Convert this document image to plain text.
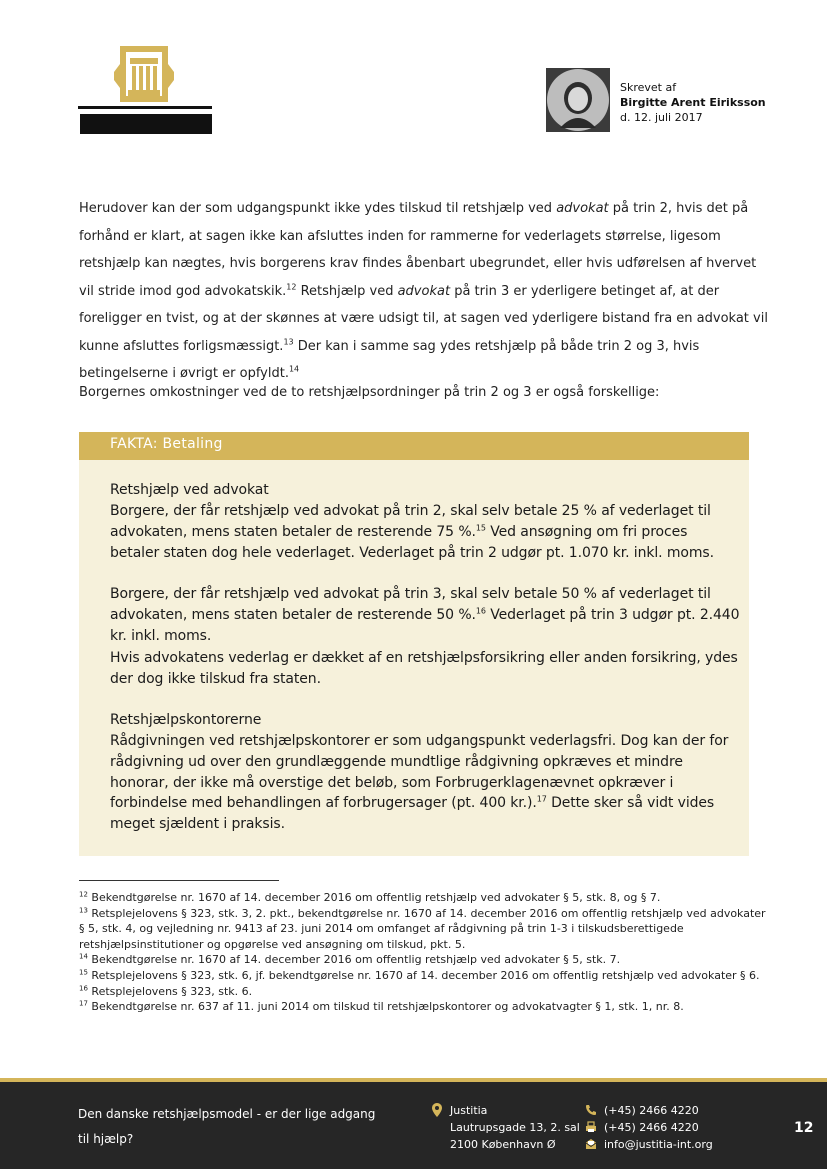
Skrevet af
Birgitte Arent Eiriksson
d. 12. juli 2017
Herudover kan der som udgangspunkt ikke ydes tilskud til retshjælp ved advokat på trin 2, hvis det på forhånd er klart, at sagen ikke kan afsluttes inden for rammerne for vederlagets størrelse, ligesom retshjælp kan nægtes, hvis borgerens krav findes åbenbart ubegrundet, eller hvis udførelsen af hvervet vil stride imod god advokatskik.$^{12}$ Retshjælp ved advokat på trin 3 er yderligere betinget af, at der foreligger en tvist, og at der skønnes at være udsigt til, at sagen ved yderligere bistand fra en advokat vil kunne afsluttes forligsmæssigt.$^{13}$ Der kan i samme sag ydes retshjælp på både trin 2 og 3, hvis betingelserne i øvrigt er opfyldt.$^{14}$
Borgernes omkostninger ved de to retshjælpsordninger på trin 2 og 3 er også forskellige:
FAKTA: Betaling
Retshjælp ved advokat
Borgere, der får retshjælp ved advokat på trin 2, skal selv betale 25 % af vederlaget til advokaten, mens staten betaler de resterende 75 %.$^{15}$ Ved ansøgning om fri proces betaler staten dog hele vederlaget. Vederlaget på trin 2 udgør pt. 1.070 kr. inkl. moms.
Borgere, der får retshjælp ved advokat på trin 3, skal selv betale 50 % af vederlaget til advokaten, mens staten betaler de resterende 50 %.$^{16}$ Vederlaget på trin 3 udgør pt. 2.440 kr. inkl. moms.
Hvis advokatens vederlag er dækket af en retshjælpsforsikring eller anden forsikring, ydes der dog ikke tilskud fra staten.
Retshjælpskontorerne
Rådgivningen ved retshjælpskontorer er som udgangspunkt vederlagsfri. Dog kan der for rådgivning ud over den grundlæggende mundtlige rådgivning opkræves et mindre honorar, der ikke må overstige det beløb, som Forbrugerklagenævnet opkræver i forbindelse med behandlingen af forbrugersager (pt. 400 kr.).$^{17}$ Dette sker så vidt vides meget sjældent i praksis.
$^{12}$ Bekendtgørelse nr. 1670 af 14. december 2016 om offentlig retshjælp ved advokater § 5, stk. 8, og § 7.
$^{13}$ Retsplejelovens § 323, stk. 3, 2. pkt., bekendtgørelse nr. 1670 af 14. december 2016 om offentlig retshjælp ved advokater § 5, stk. 4, og vejledning nr. 9413 af 23. juni 2014 om omfanget af rådgivning på trin 1-3 i tilskudsberettigede retshjælpsinstitutioner og opgørelse ved ansøgning om tilskud, pkt. 5.
$^{14}$ Bekendtgørelse nr. 1670 af 14. december 2016 om offentlig retshjælp ved advokater § 5, stk. 7.
$^{15}$ Retsplejelovens § 323, stk. 6, jf. bekendtgørelse nr. 1670 af 14. december 2016 om offentlig retshjælp ved advokater § 6.
$^{16}$ Retsplejelovens § 323, stk. 6.
$^{17}$ Bekendtgørelse nr. 637 af 11. juni 2014 om tilskud til retshjælpskontorer og advokatvagter § 1, stk. 1, nr. 8.
Den danske retshjælpsmodel - er der lige adgang til hjælp?
Justitia
Lautrupsgade 13, 2. sal
2100 København Ø
(+45) 2466 4220
(+45) 2466 4220
info@justitia-int.org
12
